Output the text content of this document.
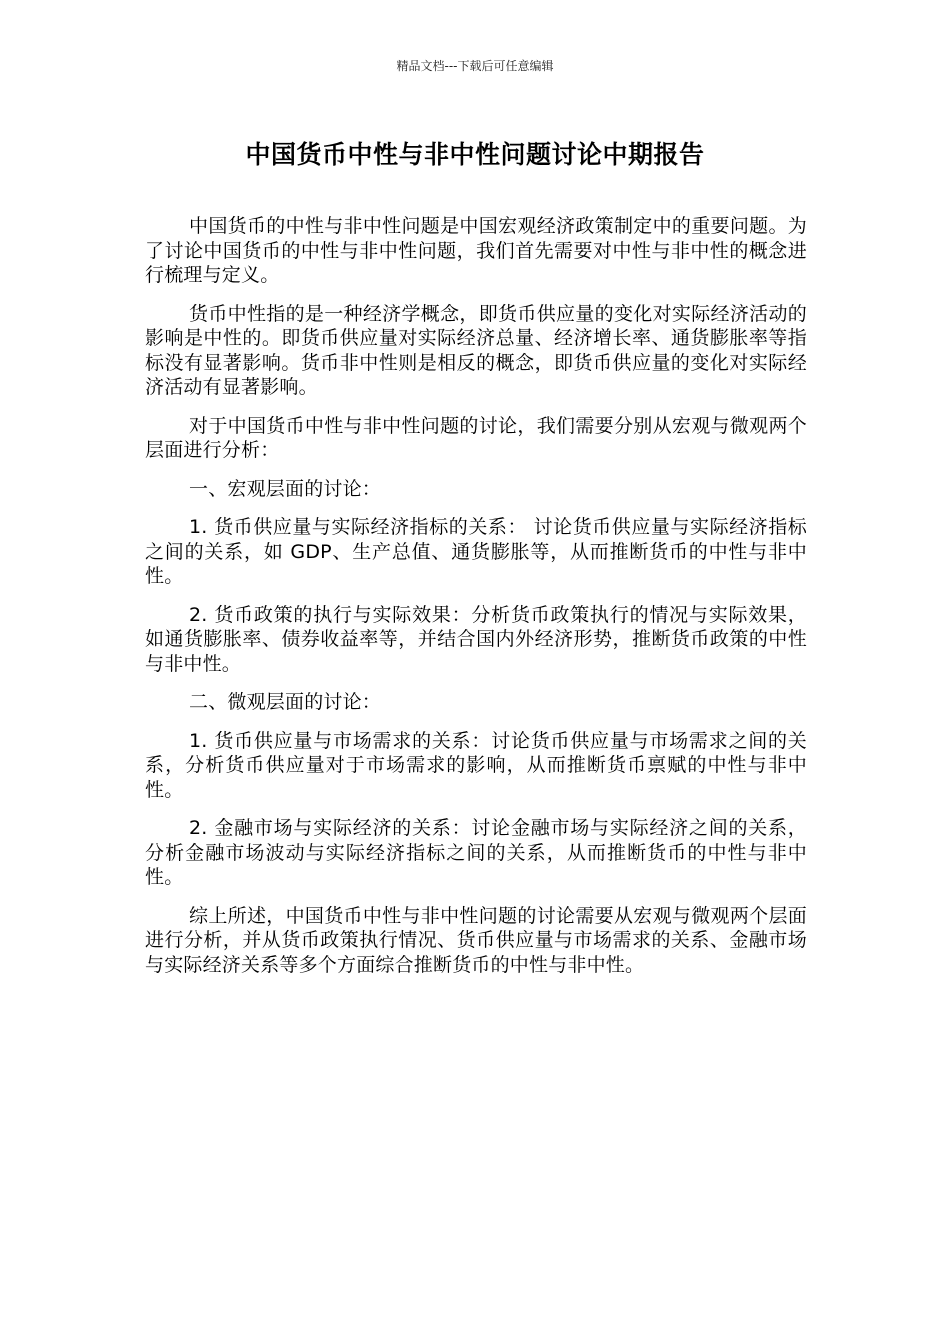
精品文档---下载后可任意编辑
中国货币中性与非中性问题讨论中期报告

中国货币的中性与非中性问题是中国宏观经济政策制定中的重要问题。为了讨论中国货币的中性与非中性问题，我们首先需要对中性与非中性的概念进行梳理与定义。

货币中性指的是一种经济学概念，即货币供应量的变化对实际经济活动的影响是中性的。即货币供应量对实际经济总量、经济增长率、通货膨胀率等指标没有显著影响。货币非中性则是相反的概念，即货币供应量的变化对实际经济活动有显著影响。

对于中国货币中性与非中性问题的讨论，我们需要分别从宏观与微观两个层面进行分析：

一、宏观层面的讨论：

1. 货币供应量与实际经济指标的关系： 讨论货币供应量与实际经济指标之间的关系，如 GDP、生产总值、通货膨胀等，从而推断货币的中性与非中性。

2. 货币政策的执行与实际效果：分析货币政策执行的情况与实际效果，如通货膨胀率、债券收益率等，并结合国内外经济形势，推断货币政策的中性与非中性。

二、微观层面的讨论：

1. 货币供应量与市场需求的关系：讨论货币供应量与市场需求之间的关系，分析货币供应量对于市场需求的影响，从而推断货币禀赋的中性与非中性。

2. 金融市场与实际经济的关系：讨论金融市场与实际经济之间的关系，分析金融市场波动与实际经济指标之间的关系，从而推断货币的中性与非中性。

综上所述，中国货币中性与非中性问题的讨论需要从宏观与微观两个层面进行分析，并从货币政策执行情况、货币供应量与市场需求的关系、金融市场与实际经济关系等多个方面综合推断货币的中性与非中性。
